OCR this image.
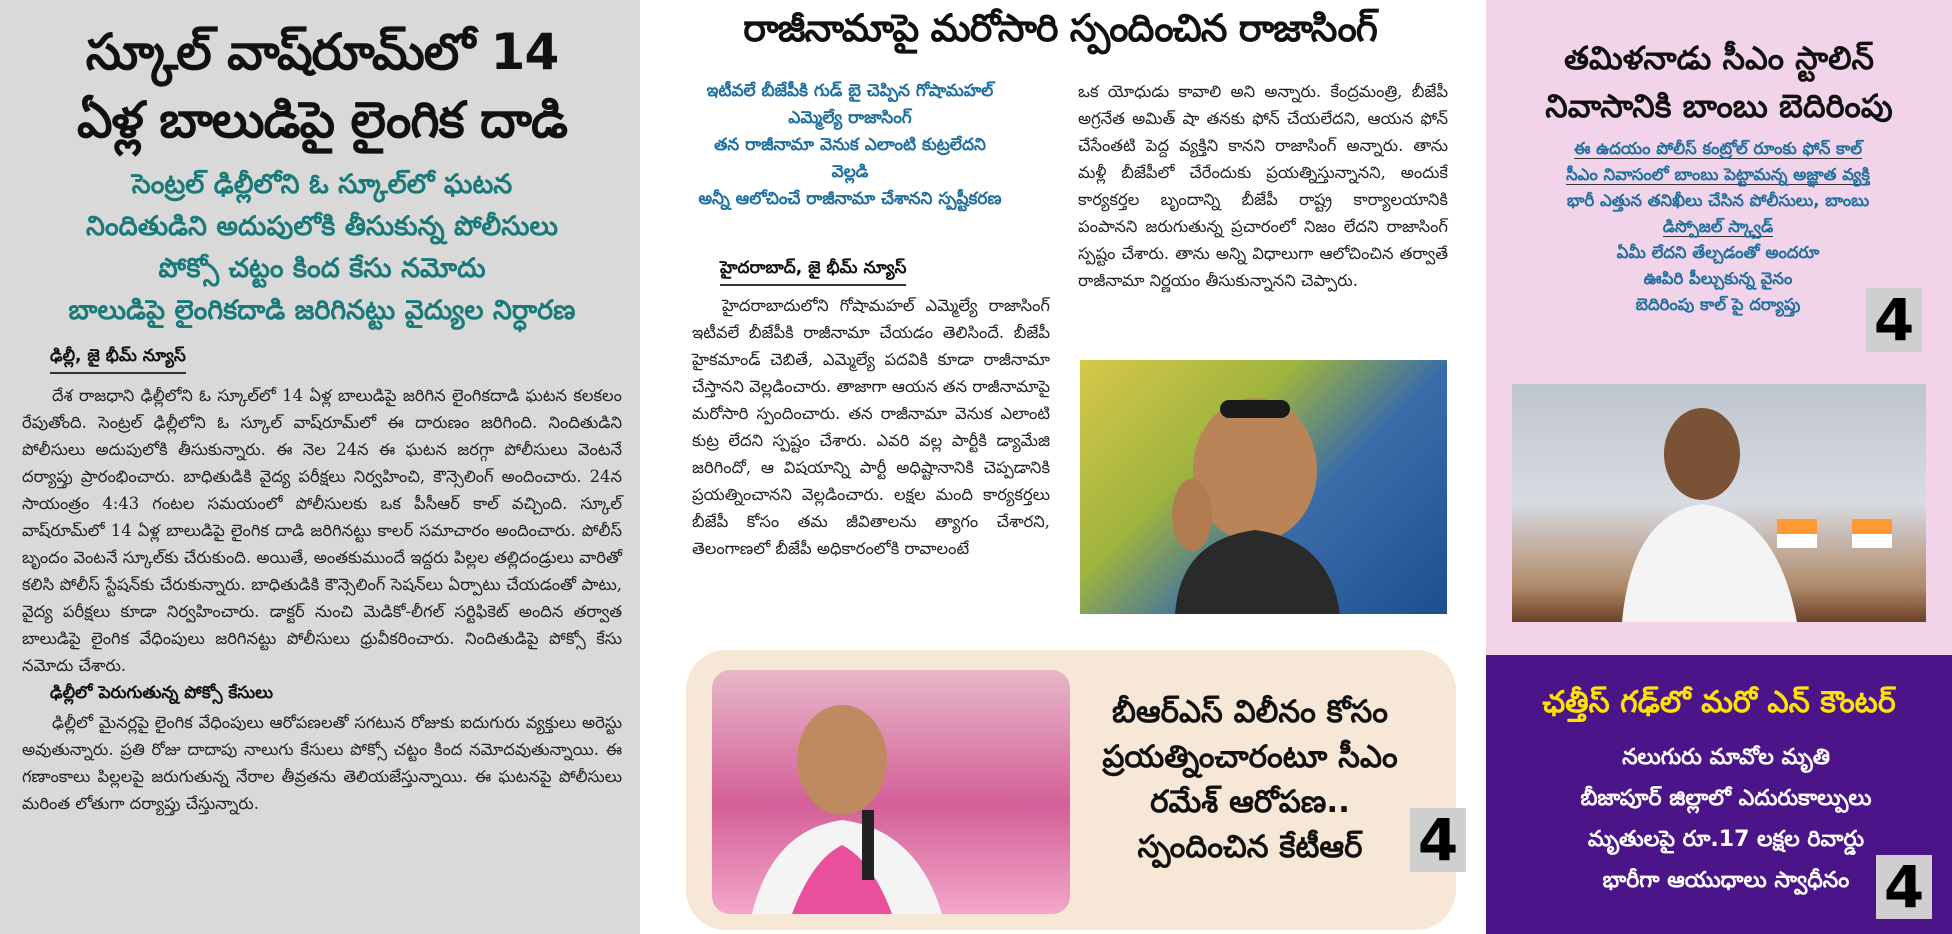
స్కూల్ వాష్‌రూమ్‌లో 14
ఏళ్ల బాలుడిపై లైంగిక దాడి
సెంట్రల్ ఢిల్లీలోని ఓ స్కూల్‌లో ఘటన
నిందితుడిని అదుపులోకి తీసుకున్న పోలీసులు
పోక్సో చట్టం కింద కేసు నమోదు
బాలుడిపై లైంగికదాడి జరిగినట్టు వైద్యుల నిర్ధారణ
ఢిల్లీ, జై భీమ్ న్యూస్

దేశ రాజధాని ఢిల్లీలోని ఓ స్కూల్‌లో 14 ఏళ్ల బాలుడిపై జరిగిన లైంగికదాడి ఘటన కలకలం రేపుతోంది. సెంట్రల్ ఢిల్లీలోని ఓ స్కూల్ వాష్‌రూమ్‌లో ఈ దారుణం జరిగింది. నిందితుడిని పోలీసులు అదుపులోకి తీసుకున్నారు. ఈ నెల 24న ఈ ఘటన జరగ్గా పోలీసులు వెంటనే దర్యాప్తు ప్రారంభించారు. బాధితుడికి వైద్య పరీక్షలు నిర్వహించి, కౌన్సెలింగ్ అందించారు. 24న సాయంత్రం 4:43 గంటల సమయంలో పోలీసులకు ఒక పీసీఆర్ కాల్ వచ్చింది. స్కూల్ వాష్‌రూమ్‌లో 14 ఏళ్ల బాలుడిపై లైంగిక దాడి జరిగినట్టు కాలర్ సమాచారం అందించారు. పోలీస్ బృందం వెంటనే స్కూల్‌కు చేరుకుంది. అయితే, అంతకుముందే ఇద్దరు పిల్లల తల్లిదండ్రులు వారితో కలిసి పోలీస్ స్టేషన్‌కు చేరుకున్నారు. బాధితుడికి కౌన్సెలింగ్ సెషన్‌లు ఏర్పాటు చేయడంతో పాటు, వైద్య పరీక్షలు కూడా నిర్వహించారు. డాక్టర్ నుంచి మెడికో-లీగల్ సర్టిఫికెట్ అందిన తర్వాత బాలుడిపై లైంగిక వేధింపులు జరిగినట్టు పోలీసులు ధ్రువీకరించారు. నిందితుడిపై పోక్సో కేసు నమోదు చేశారు.

ఢిల్లీలో పెరుగుతున్న పోక్సో కేసులు

ఢిల్లీలో మైనర్లపై లైంగిక వేధింపులు ఆరోపణలతో సగటున రోజుకు ఐదుగురు వ్యక్తులు అరెస్టు అవుతున్నారు. ప్రతి రోజు దాదాపు నాలుగు కేసులు పోక్సో చట్టం కింద నమోదవుతున్నాయి. ఈ గణాంకాలు పిల్లలపై జరుగుతున్న నేరాల తీవ్రతను తెలియజేస్తున్నాయి. ఈ ఘటనపై పోలీసులు మరింత లోతుగా దర్యాప్తు చేస్తున్నారు.

రాజీనామాపై మరోసారి స్పందించిన రాజాసింగ్
ఇటీవలే బీజేపీకి గుడ్ బై చెప్పిన గోషామహల్
ఎమ్మెల్యే రాజాసింగ్
తన రాజీనామా వెనుక ఎలాంటి కుట్రలేదని
వెల్లడి
అన్నీ ఆలోచించే రాజీనామా చేశానని స్పష్టీకరణ
హైదరాబాద్, జై భీమ్ న్యూస్

హైదరాబాదులోని గోషామహల్ ఎమ్మెల్యే రాజాసింగ్ ఇటీవలే బీజేపీకి రాజీనామా చేయడం తెలిసిందే. బీజేపీ హైకమాండ్ చెబితే, ఎమ్మెల్యే పదవికి కూడా రాజీనామా చేస్తానని వెల్లడించారు. తాజాగా ఆయన తన రాజీనామాపై మరోసారి స్పందించారు. తన రాజీనామా వెనుక ఎలాంటి కుట్ర లేదని స్పష్టం చేశారు. ఎవరి వల్ల పార్టీకి డ్యామేజి జరిగిందో, ఆ విషయాన్ని పార్టీ అధిష్టానానికి చెప్పడానికి ప్రయత్నించానని వెల్లడించారు. లక్షల మంది కార్యకర్తలు బీజేపీ కోసం తమ జీవితాలను త్యాగం చేశారని, తెలంగాణలో బీజేపీ అధికారంలోకి రావాలంటే

ఒక యోధుడు కావాలి అని అన్నారు. కేంద్రమంత్రి, బీజేపీ అగ్రనేత అమిత్ షా తనకు ఫోన్ చేయలేదని, ఆయన ఫోన్ చేసేంతటి పెద్ద వ్యక్తిని కానని రాజాసింగ్ అన్నారు. తాను మళ్లీ బీజేపీలో చేరేందుకు ప్రయత్నిస్తున్నానని, అందుకే కార్యకర్తల బృందాన్ని బీజేపీ రాష్ట్ర కార్యాలయానికి పంపానని జరుగుతున్న ప్రచారంలో నిజం లేదని రాజాసింగ్ స్పష్టం చేశారు. తాను అన్ని విధాలుగా ఆలోచించిన తర్వాతే రాజీనామా నిర్ణయం తీసుకున్నానని చెప్పారు.

బీఆర్ఎస్ విలీనం కోసం
ప్రయత్నించారంటూ సీఎం
రమేశ్ ఆరోపణ..
స్పందించిన కేటీఆర్ 4
తమిళనాడు సీఎం స్టాలిన్
నివాసానికి బాంబు బెదిరింపు
ఈ ఉదయం పోలీస్ కంట్రోల్ రూంకు ఫోన్ కాల్
సీఎం నివాసంలో బాంబు పెట్టామన్న అజ్ఞాత వ్యక్తి
భారీ ఎత్తున తనిఖీలు చేసిన పోలీసులు, బాంబు
డిస్పోజల్ స్క్వాడ్
ఏమీ లేదని తేల్చడంతో అందరూ
ఊపిరి పీల్చుకున్న వైనం
బెదిరింపు కాల్ పై దర్యాప్తు	4
ఛత్తీస్ గఢ్‌లో మరో ఎన్ కౌంటర్
నలుగురు మావోల మృతి
బీజాపూర్ జిల్లాలో ఎదురుకాల్పులు
మృతులపై రూ.17 లక్షల రివార్డు
భారీగా ఆయుధాలు స్వాధీనం 4
